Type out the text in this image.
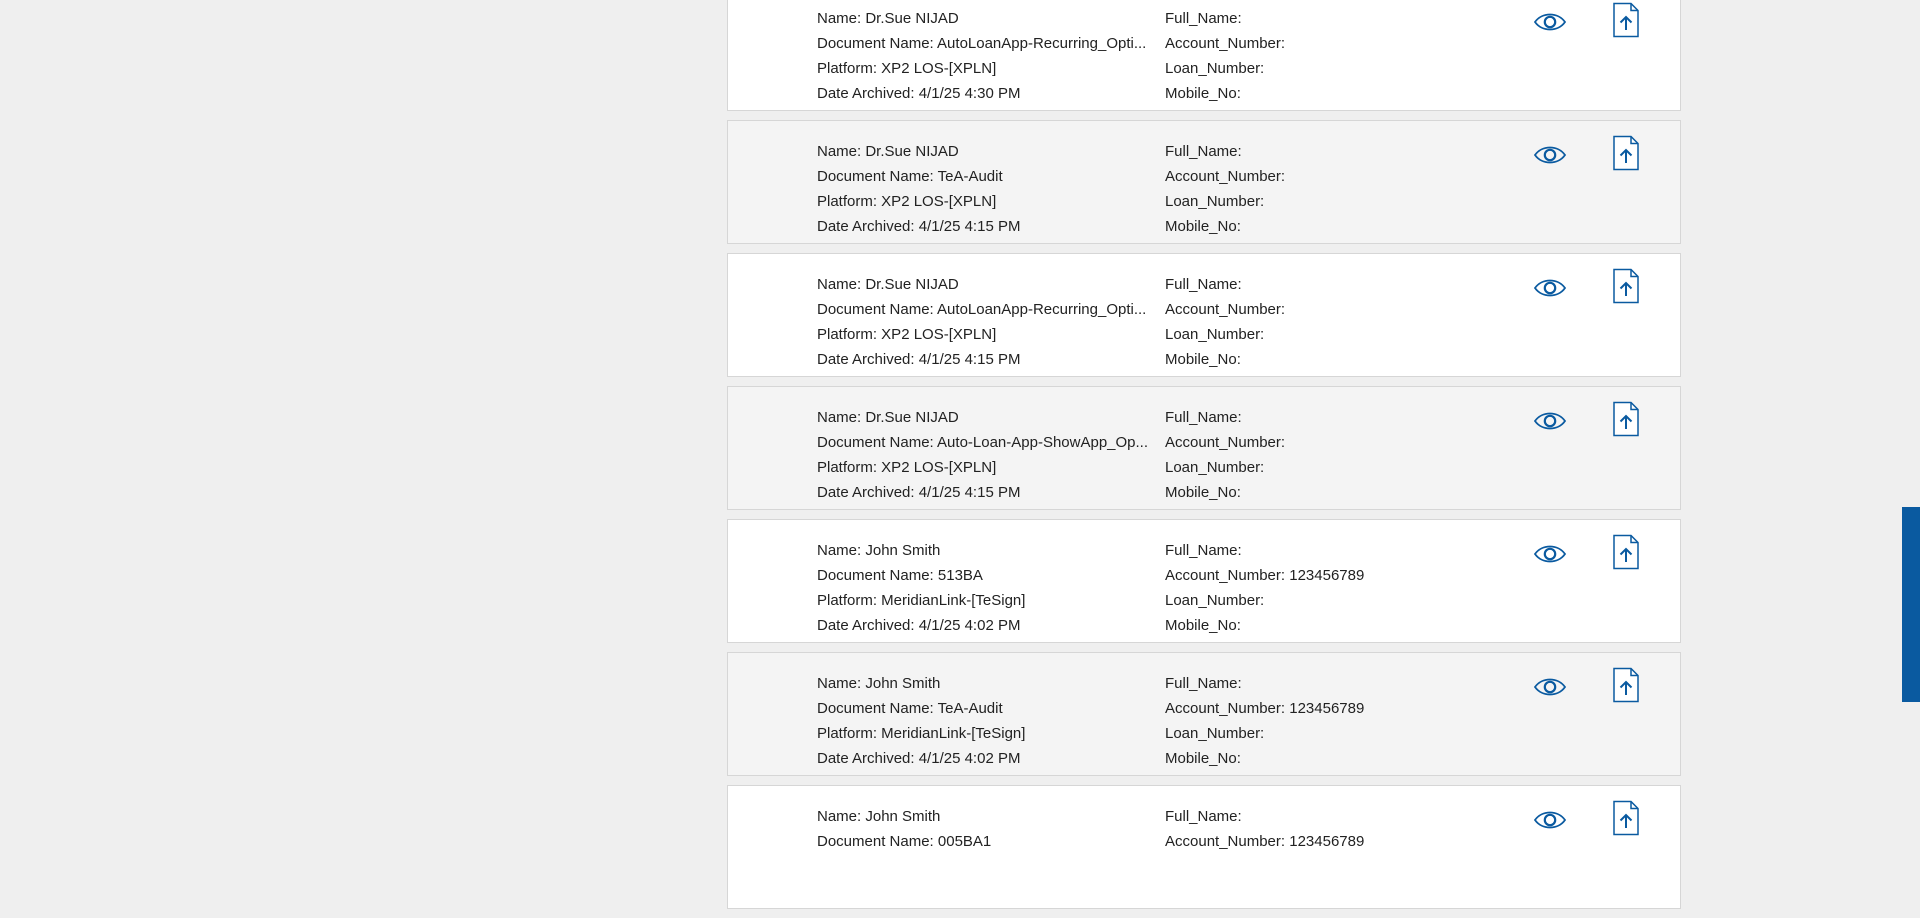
Name: Dr.Sue NIJAD
Document Name: AutoLoanApp-Recurring_Opti...
Platform: XP2 LOS-[XPLN]
Date Archived: 4/1/25 4:30 PM
Full_Name:
Account_Number:
Loan_Number:
Mobile_No:
Name: Dr.Sue NIJAD
Document Name: TeA-Audit
Platform: XP2 LOS-[XPLN]
Date Archived: 4/1/25 4:15 PM
Full_Name:
Account_Number:
Loan_Number:
Mobile_No:
Name: Dr.Sue NIJAD
Document Name: AutoLoanApp-Recurring_Opti...
Platform: XP2 LOS-[XPLN]
Date Archived: 4/1/25 4:15 PM
Full_Name:
Account_Number:
Loan_Number:
Mobile_No:
Name: Dr.Sue NIJAD
Document Name: Auto-Loan-App-ShowApp_Op...
Platform: XP2 LOS-[XPLN]
Date Archived: 4/1/25 4:15 PM
Full_Name:
Account_Number:
Loan_Number:
Mobile_No:
Name: John Smith
Document Name: 513BA
Platform: MeridianLink-[TeSign]
Date Archived: 4/1/25 4:02 PM
Full_Name:
Account_Number: 123456789
Loan_Number:
Mobile_No:
Name: John Smith
Document Name: TeA-Audit
Platform: MeridianLink-[TeSign]
Date Archived: 4/1/25 4:02 PM
Full_Name:
Account_Number: 123456789
Loan_Number:
Mobile_No:
Name: John Smith
Document Name: 005BA1
Full_Name:
Account_Number: 123456789
